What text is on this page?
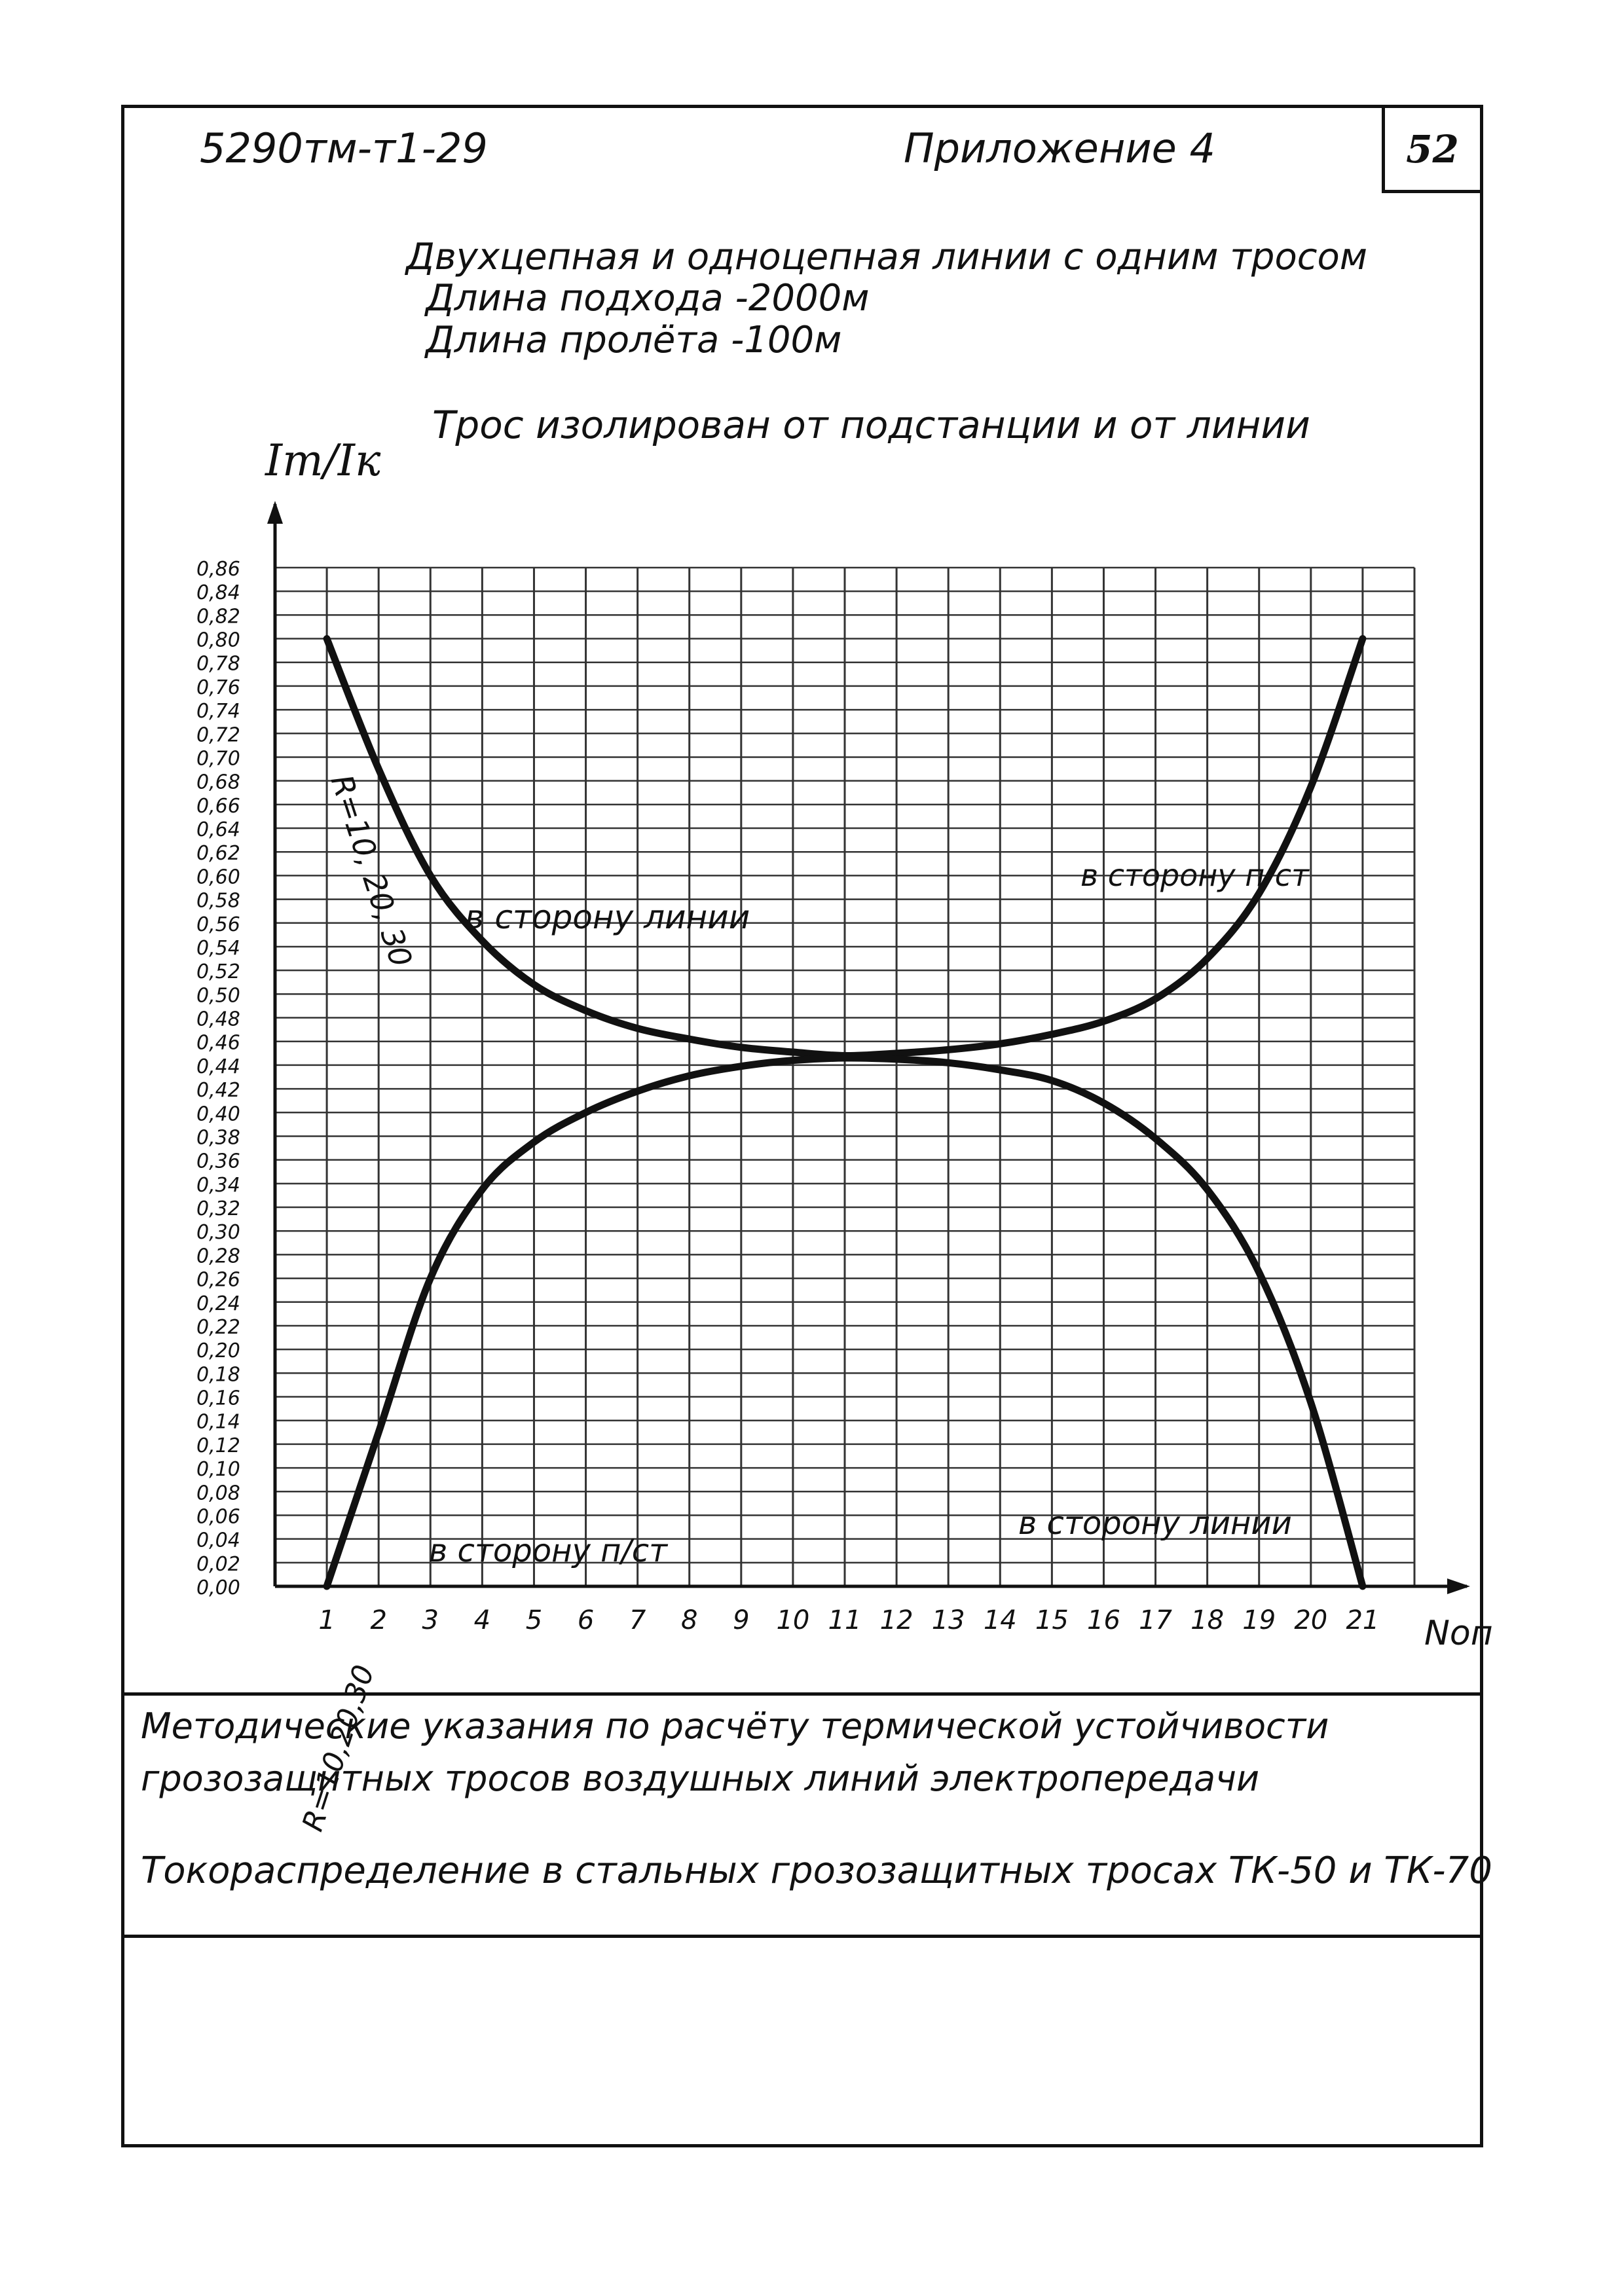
5290тм-т1-29	Приложение 4	52
Двухцепная и одноцепная линии с одним тросом
Длина подхода -2000м
Длина пролёта -100м
Трос изолирован от подстанции и от линии
Iт/Iк
Nоп
Методические указания по расчёту термической устойчивости
грозозащитных тросов воздушных линий электропередачи
Токораспределение в стальных грозозащитных тросах ТК-50 и ТК-70
0,00
0,02
0,04
0,06
0,08
0,10
0,12
0,14
0,16
0,18
0,20
0,22
0,24
0,26
0,28
0,30
0,32
0,34
0,36
0,38
0,40
0,42
0,44
0,46
0,48
0,50
0,52
0,54
0,56
0,58
0,60
0,62
0,64
0,66
0,68
0,70
0,72
0,74
0,76
0,78
0,80
0,82
0,84
0,86
1 2 3 4 5 6 7 8 9 10 11 12 13 14 15 16 17 18 19 20 21
в сторону линии
R=10, 20, 30	в сторону п/ст
в сторону п/ст
R=10,20,30
в сторону линии
